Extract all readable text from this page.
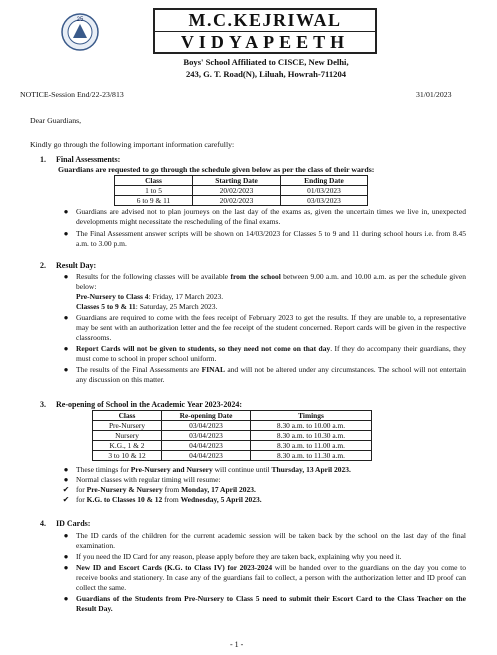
25	M.C.KEJRIWAL
VIDYAPEETH
Boys' School Affiliated to CISCE, New Delhi,
243, G. T. Road(N), Liluah, Howrah-711204
NOTICE-Session End/22-23/813	31/01/2023
Dear Guardians,
Kindly go through the following important information carefully:
1. Final Assessments:
Guardians are requested to go through the schedule given below as per the class of their wards:
Class	Starting Date	Ending Date
1 to 5	20/02/2023	01/03/2023
6 to 9 & 11	20/02/2023	03/03/2023
● Guardians are advised not to plan journeys on the last day of the exams as, given the uncertain times we live in, unexpected developments might necessitate the rescheduling of the final exams.
● The Final Assessment answer scripts will be shown on 14/03/2023 for Classes 5 to 9 and 11 during school hours i.e. from 8.45 a.m. to 3.00 p.m.
2. Result Day:
● Results for the following classes will be available from the school between 9.00 a.m. and 10.00 a.m. as per the schedule given below:
Pre-Nursery to Class 4: Friday, 17 March 2023.
Classes 5 to 9 & 11: Saturday, 25 March 2023.
● Guardians are required to come with the fees receipt of February 2023 to get the results. If they are unable to, a representative may be sent with an authorization letter and the fee receipt of the student concerned. Report cards will be given in the respective classrooms.
● Report Cards will not be given to students, so they need not come on that day. If they do accompany their guardians, they must come to school in proper school uniform.
● The results of the Final Assessments are FINAL and will not be altered under any circumstances. The school will not entertain any discussion on this matter.
3. Re-opening of School in the Academic Year 2023-2024:
Class	Re-opening Date	Timings
Pre-Nursery	03/04/2023	8.30 a.m. to 10.00 a.m.
Nursery	03/04/2023	8.30 a.m. to 10.30 a.m.
K.G., 1 & 2	04/04/2023	8.30 a.m. to 11.00 a.m.
3 to 10 & 12	04/04/2023	8.30 a.m. to 11.30 a.m.
● These timings for Pre-Nursery and Nursery will continue until Thursday, 13 April 2023.
● Normal classes with regular timing will resume:
✔ for Pre-Nursery & Nursery from Monday, 17 April 2023.
✔ for K.G. to Classes 10 & 12 from Wednesday, 5 April 2023.
4. ID Cards:
● The ID cards of the children for the current academic session will be taken back by the school on the last day of the final examination.
● If you need the ID Card for any reason, please apply before they are taken back, explaining why you need it.
● New ID and Escort Cards (K.G. to Class IV) for 2023-2024 will be handed over to the guardians on the day you come to receive books and stationery. In case any of the guardians fail to collect, a person with the authorization letter and ID proof can collect the same.
● Guardians of the Students from Pre-Nursery to Class 5 need to submit their Escort Card to the Class Teacher on the Result Day.
- 1 -
